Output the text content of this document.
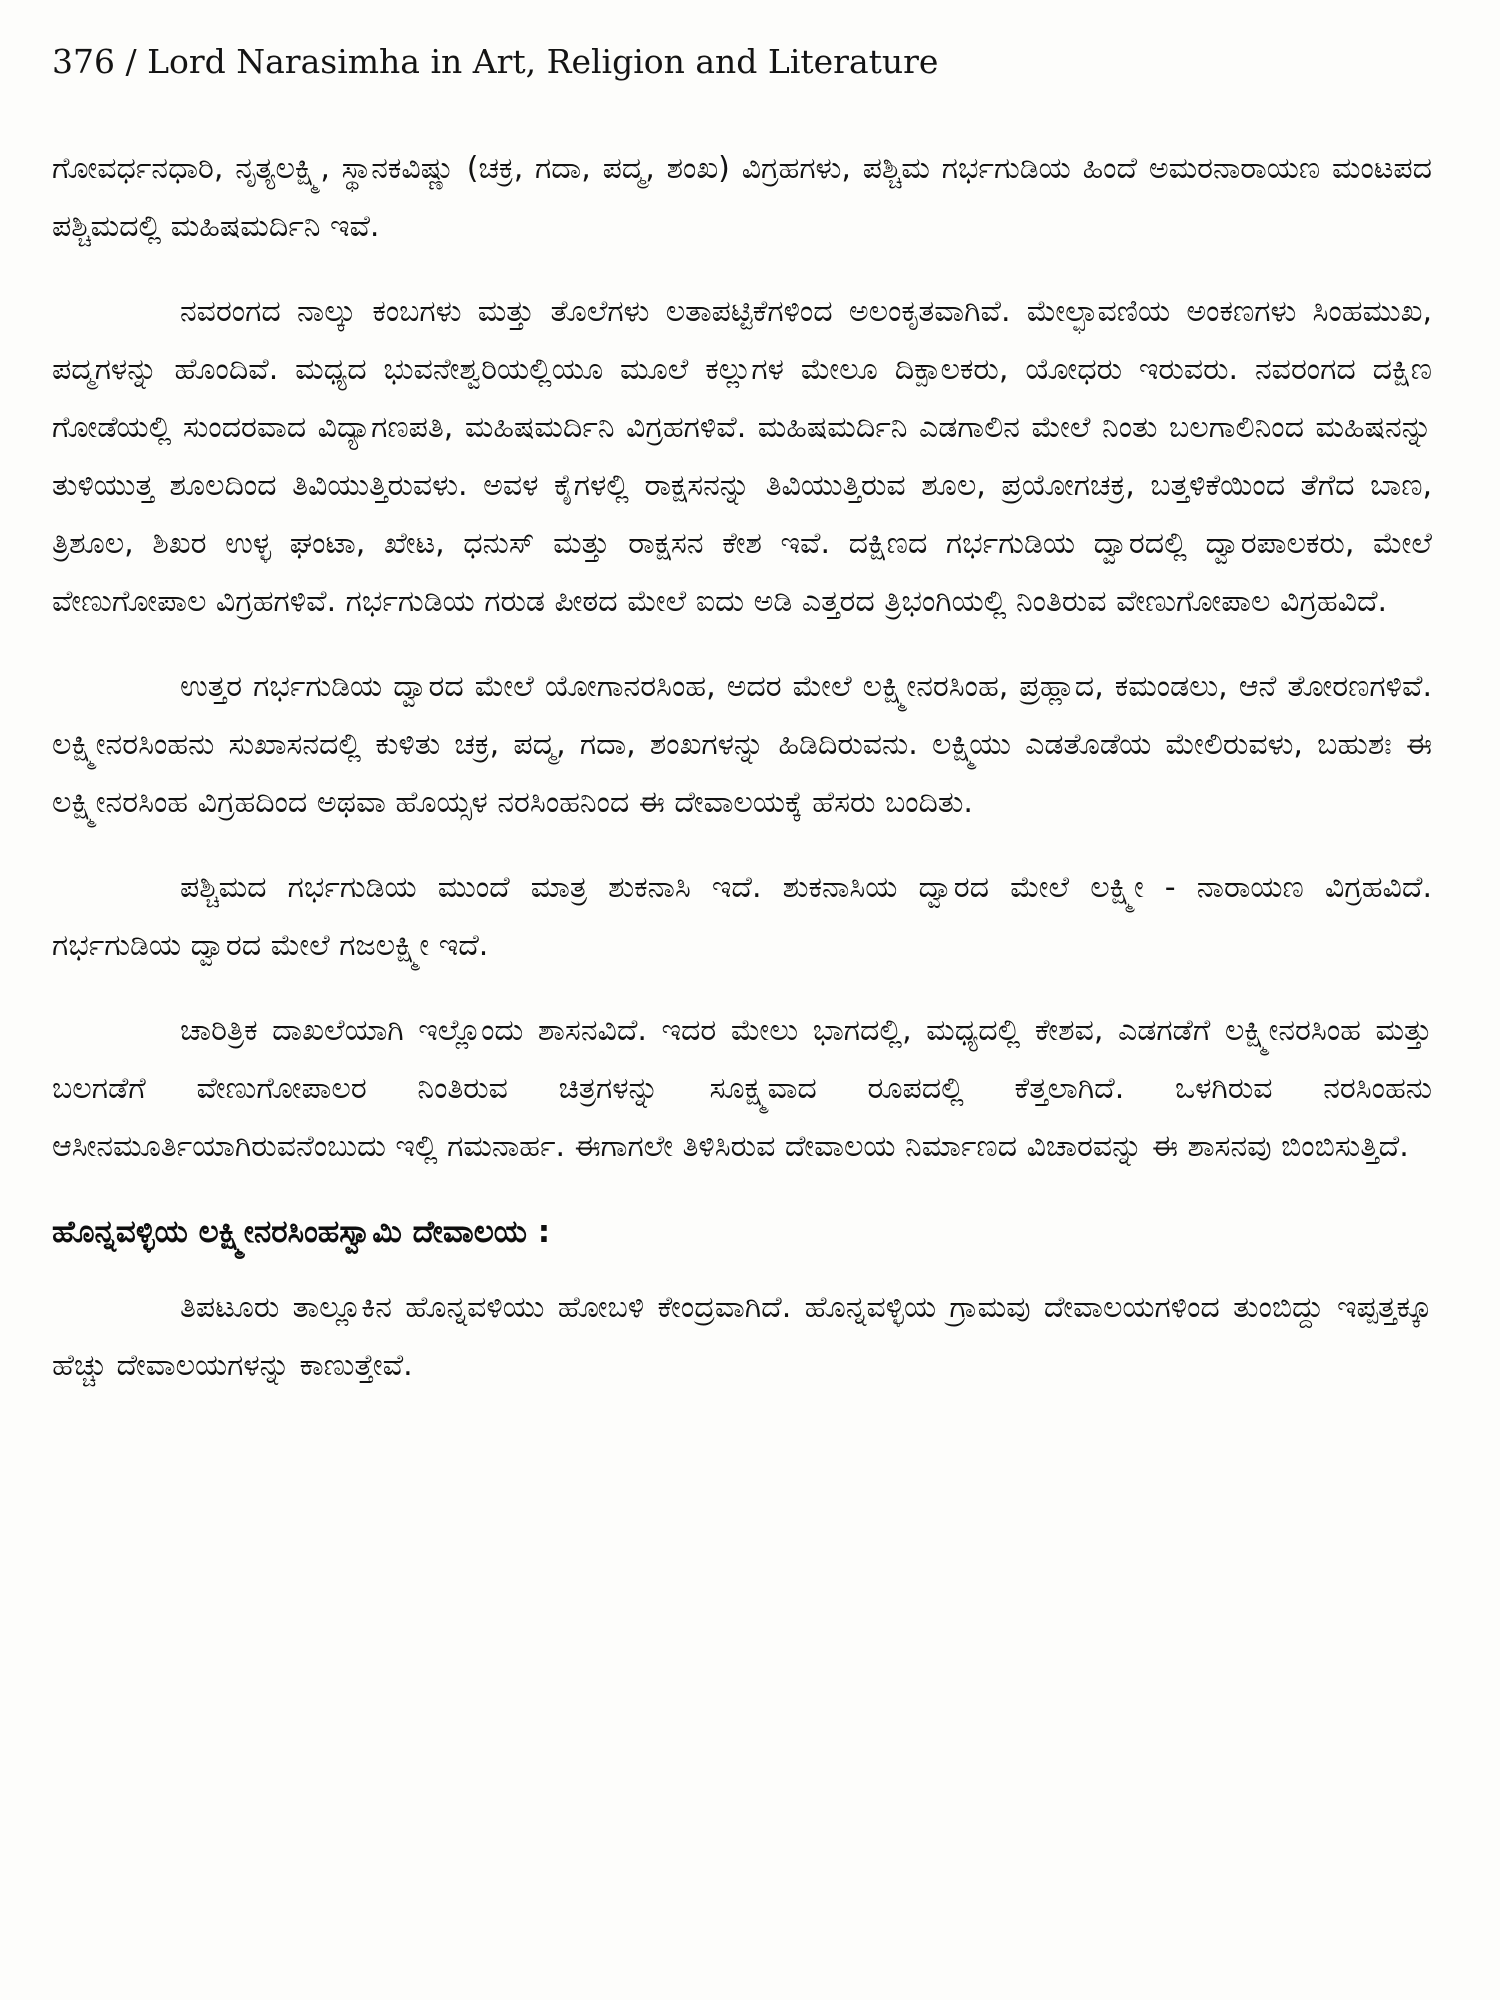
376 / Lord Narasimha in Art, Religion and Literature

ಗೋವರ್ಧನಧಾರಿ, ನೃತ್ಯಲಕ್ಷ್ಮಿ, ಸ್ಥಾನಕವಿಷ್ಣು (ಚಕ್ರ, ಗದಾ, ಪದ್ಮ, ಶಂಖ) ವಿಗ್ರಹಗಳು, ಪಶ್ಚಿಮ ಗರ್ಭಗುಡಿಯ ಹಿಂದೆ ಅಮರನಾರಾಯಣ ಮಂಟಪದ ಪಶ್ಚಿಮದಲ್ಲಿ ಮಹಿಷಮರ್ದಿನಿ ಇವೆ.

ನವರಂಗದ ನಾಲ್ಕು ಕಂಬಗಳು ಮತ್ತು ತೊಲೆಗಳು ಲತಾಪಟ್ಟಿಕೆಗಳಿಂದ ಅಲಂಕೃತವಾಗಿವೆ. ಮೇಲ್ಛಾವಣಿಯ ಅಂಕಣಗಳು ಸಿಂಹಮುಖ, ಪದ್ಮಗಳನ್ನು ಹೊಂದಿವೆ. ಮಧ್ಯದ ಭುವನೇಶ್ವರಿಯಲ್ಲಿಯೂ ಮೂಲೆ ಕಲ್ಲುಗಳ ಮೇಲೂ ದಿಕ್ಪಾಲಕರು, ಯೋಧರು ಇರುವರು. ನವರಂಗದ ದಕ್ಷಿಣ ಗೋಡೆಯಲ್ಲಿ ಸುಂದರವಾದ ವಿದ್ಯಾಗಣಪತಿ, ಮಹಿಷಮರ್ದಿನಿ ವಿಗ್ರಹಗಳಿವೆ. ಮಹಿಷಮರ್ದಿನಿ ಎಡಗಾಲಿನ ಮೇಲೆ ನಿಂತು ಬಲಗಾಲಿನಿಂದ ಮಹಿಷನನ್ನು ತುಳಿಯುತ್ತ ಶೂಲದಿಂದ ತಿವಿಯುತ್ತಿರುವಳು. ಅವಳ ಕೈಗಳಲ್ಲಿ ರಾಕ್ಷಸನನ್ನು ತಿವಿಯುತ್ತಿರುವ ಶೂಲ, ಪ್ರಯೋಗಚಕ್ರ, ಬತ್ತಳಿಕೆಯಿಂದ ತೆಗೆದ ಬಾಣ, ತ್ರಿಶೂಲ, ಶಿಖರ ಉಳ್ಳ ಘಂಟಾ, ಖೇಟ, ಧನುಸ್ ಮತ್ತು ರಾಕ್ಷಸನ ಕೇಶ ಇವೆ. ದಕ್ಷಿಣದ ಗರ್ಭಗುಡಿಯ ದ್ವಾರದಲ್ಲಿ ದ್ವಾರಪಾಲಕರು, ಮೇಲೆ ವೇಣುಗೋಪಾಲ ವಿಗ್ರಹಗಳಿವೆ. ಗರ್ಭಗುಡಿಯ ಗರುಡ ಪೀಠದ ಮೇಲೆ ಐದು ಅಡಿ ಎತ್ತರದ ತ್ರಿಭಂಗಿಯಲ್ಲಿ ನಿಂತಿರುವ ವೇಣುಗೋಪಾಲ ವಿಗ್ರಹವಿದೆ.

ಉತ್ತರ ಗರ್ಭಗುಡಿಯ ದ್ವಾರದ ಮೇಲೆ ಯೋಗಾನರಸಿಂಹ, ಅದರ ಮೇಲೆ ಲಕ್ಷ್ಮೀನರಸಿಂಹ, ಪ್ರಹ್ಲಾದ, ಕಮಂಡಲು, ಆನೆ ತೋರಣಗಳಿವೆ. ಲಕ್ಷ್ಮೀನರಸಿಂಹನು ಸುಖಾಸನದಲ್ಲಿ ಕುಳಿತು ಚಕ್ರ, ಪದ್ಮ, ಗದಾ, ಶಂಖಗಳನ್ನು ಹಿಡಿದಿರುವನು. ಲಕ್ಷ್ಮಿಯು ಎಡತೊಡೆಯ ಮೇಲಿರುವಳು, ಬಹುಶಃ ಈ ಲಕ್ಷ್ಮೀನರಸಿಂಹ ವಿಗ್ರಹದಿಂದ ಅಥವಾ ಹೊಯ್ಸಳ ನರಸಿಂಹನಿಂದ ಈ ದೇವಾಲಯಕ್ಕೆ ಹೆಸರು ಬಂದಿತು.

ಪಶ್ಚಿಮದ ಗರ್ಭಗುಡಿಯ ಮುಂದೆ ಮಾತ್ರ ಶುಕನಾಸಿ ಇದೆ. ಶುಕನಾಸಿಯ ದ್ವಾರದ ಮೇಲೆ ಲಕ್ಷ್ಮೀ - ನಾರಾಯಣ ವಿಗ್ರಹವಿದೆ. ಗರ್ಭಗುಡಿಯ ದ್ವಾರದ ಮೇಲೆ ಗಜಲಕ್ಷ್ಮೀ ಇದೆ.

ಚಾರಿತ್ರಿಕ ದಾಖಲೆಯಾಗಿ ಇಲ್ಲೊಂದು ಶಾಸನವಿದೆ. ಇದರ ಮೇಲು ಭಾಗದಲ್ಲಿ, ಮಧ್ಯದಲ್ಲಿ ಕೇಶವ, ಎಡಗಡೆಗೆ ಲಕ್ಷ್ಮೀನರಸಿಂಹ ಮತ್ತು ಬಲಗಡೆಗೆ ವೇಣುಗೋಪಾಲರ ನಿಂತಿರುವ ಚಿತ್ರಗಳನ್ನು ಸೂಕ್ಷ್ಮವಾದ ರೂಪದಲ್ಲಿ ಕೆತ್ತಲಾಗಿದೆ. ಒಳಗಿರುವ ನರಸಿಂಹನು ಆಸೀನಮೂರ್ತಿಯಾಗಿರುವನೆಂಬುದು ಇಲ್ಲಿ ಗಮನಾರ್ಹ. ಈಗಾಗಲೇ ತಿಳಿಸಿರುವ ದೇವಾಲಯ ನಿರ್ಮಾಣದ ವಿಚಾರವನ್ನು ಈ ಶಾಸನವು ಬಿಂಬಿಸುತ್ತಿದೆ.

ಹೊನ್ನವಳ್ಳಿಯ ಲಕ್ಷ್ಮೀನರಸಿಂಹಸ್ವಾಮಿ ದೇವಾಲಯ :

ತಿಪಟೂರು ತಾಲ್ಲೂಕಿನ ಹೊನ್ನವಳಿಯು ಹೋಬಳಿ ಕೇಂದ್ರವಾಗಿದೆ. ಹೊನ್ನವಳ್ಳಿಯ ಗ್ರಾಮವು ದೇವಾಲಯಗಳಿಂದ ತುಂಬಿದ್ದು ಇಪ್ಪತ್ತಕ್ಕೂ ಹೆಚ್ಚು ದೇವಾಲಯಗಳನ್ನು ಕಾಣುತ್ತೇವೆ.
